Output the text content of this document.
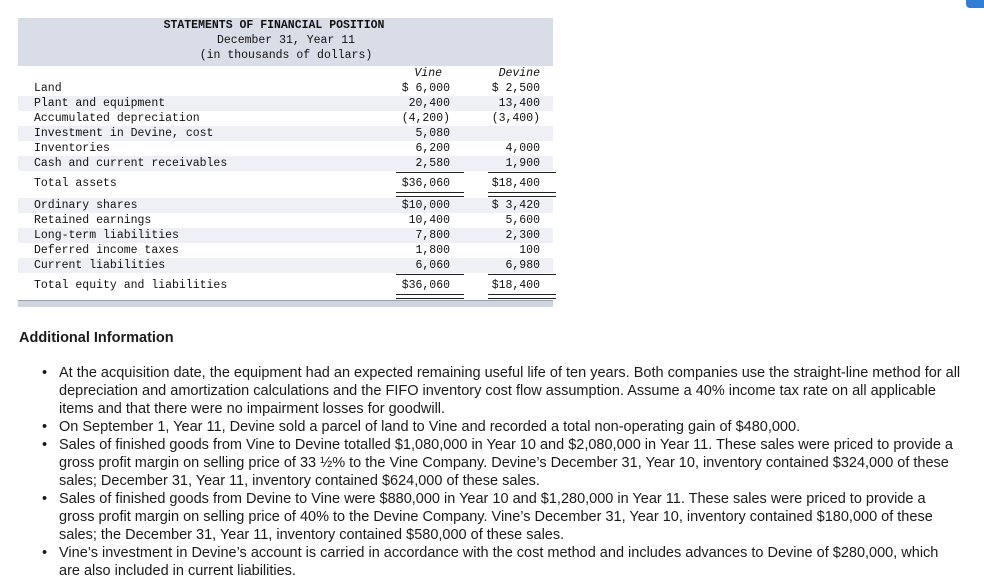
STATEMENTS OF FINANCIAL POSITION
December 31, Year 11
(in thousands of dollars)
Vine	Devine
Land	$ 6,000	$ 2,500
Plant and equipment	20,400	13,400
Accumulated depreciation	(4,200)	(3,400)
Investment in Devine, cost	5,080
Inventories	6,200	4,000
Cash and current receivables	2,580	1,900
Total assets	$36,060	$18,400
Ordinary shares	$10,000	$ 3,420
Retained earnings	10,400	5,600
Long-term liabilities	7,800	2,300
Deferred income taxes	1,800	100
Current liabilities	6,060	6,980
Total equity and liabilities	$36,060	$18,400
Additional Information
• At the acquisition date, the equipment had an expected remaining useful life of ten years. Both companies use the straight-line method for all depreciation and amortization calculations and the FIFO inventory cost flow assumption. Assume a 40% income tax rate on all applicable items and that there were no impairment losses for goodwill.
• On September 1, Year 11, Devine sold a parcel of land to Vine and recorded a total non-operating gain of $480,000.
• Sales of finished goods from Vine to Devine totalled $1,080,000 in Year 10 and $2,080,000 in Year 11. These sales were priced to provide a gross profit margin on selling price of 33 ½% to the Vine Company. Devine’s December 31, Year 10, inventory contained $324,000 of these sales; December 31, Year 11, inventory contained $624,000 of these sales.
• Sales of finished goods from Devine to Vine were $880,000 in Year 10 and $1,280,000 in Year 11. These sales were priced to provide a gross profit margin on selling price of 40% to the Devine Company. Vine’s December 31, Year 10, inventory contained $180,000 of these sales; the December 31, Year 11, inventory contained $580,000 of these sales.
• Vine’s investment in Devine’s account is carried in accordance with the cost method and includes advances to Devine of $280,000, which are also included in current liabilities.
